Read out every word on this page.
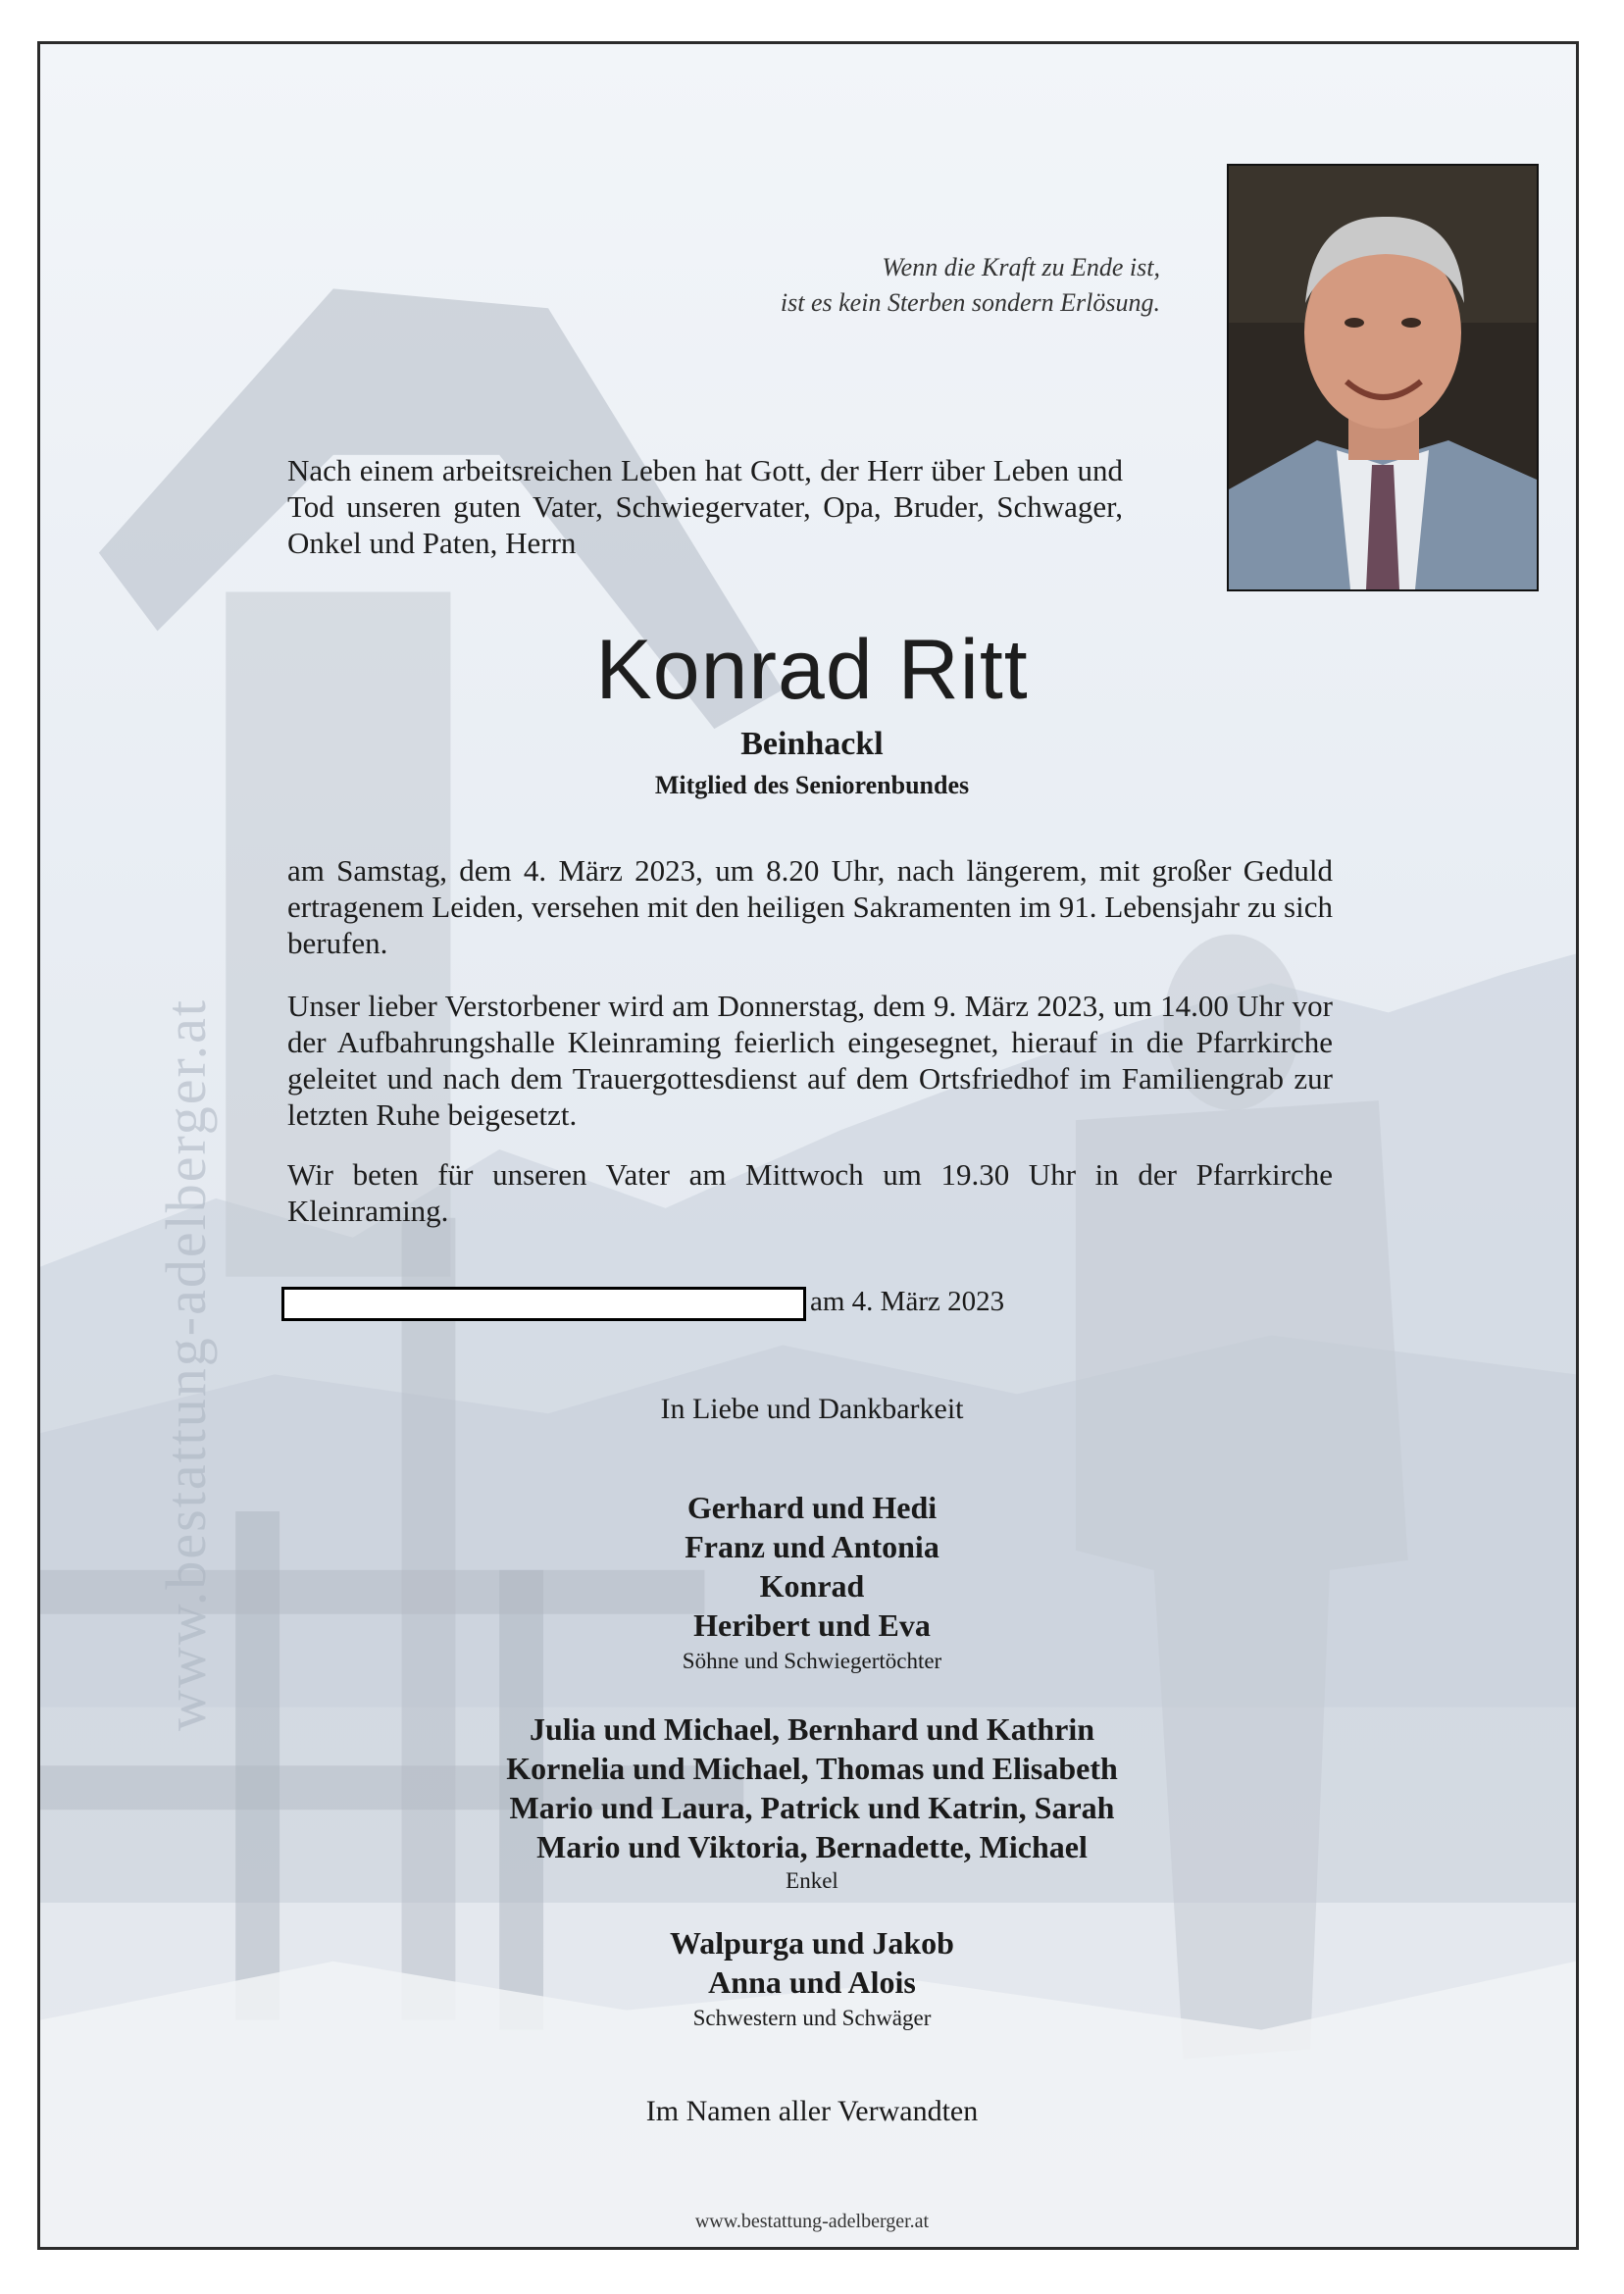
www.bestattung-adelberger.at
Wenn die Kraft zu Ende ist,
ist es kein Sterben sondern Erlösung.
Nach einem arbeitsreichen Leben hat Gott, der Herr über Leben und Tod unseren guten Vater, Schwiegervater, Opa, Bruder, Schwager, Onkel und Paten, Herrn
Konrad Ritt
Beinhackl
Mitglied des Seniorenbundes
am Samstag, dem 4. März 2023, um 8.20 Uhr, nach längerem, mit großer Geduld ertragenem Leiden, versehen mit den heiligen Sakramenten im 91. Lebensjahr zu sich berufen.
Unser lieber Verstorbener wird am Donnerstag, dem 9. März 2023, um 14.00 Uhr vor der Aufbahrungshalle Kleinraming feierlich eingesegnet, hierauf in die Pfarrkirche geleitet und nach dem Trauergottesdienst auf dem Ortsfriedhof im Familiengrab zur letzten Ruhe beigesetzt.
Wir beten für unseren Vater am Mittwoch um 19.30 Uhr in der Pfarrkirche Kleinraming.
am 4. März 2023
In Liebe und Dankbarkeit
Gerhard und Hedi
Franz und Antonia
Konrad
Heribert und Eva
Söhne und Schwiegertöchter
Julia und Michael, Bernhard und Kathrin
Kornelia und Michael, Thomas und Elisabeth
Mario und Laura, Patrick und Katrin, Sarah
Mario und Viktoria, Bernadette, Michael
Enkel
Walpurga und Jakob
Anna und Alois
Schwestern und Schwäger
Im Namen aller Verwandten
www.bestattung-adelberger.at
